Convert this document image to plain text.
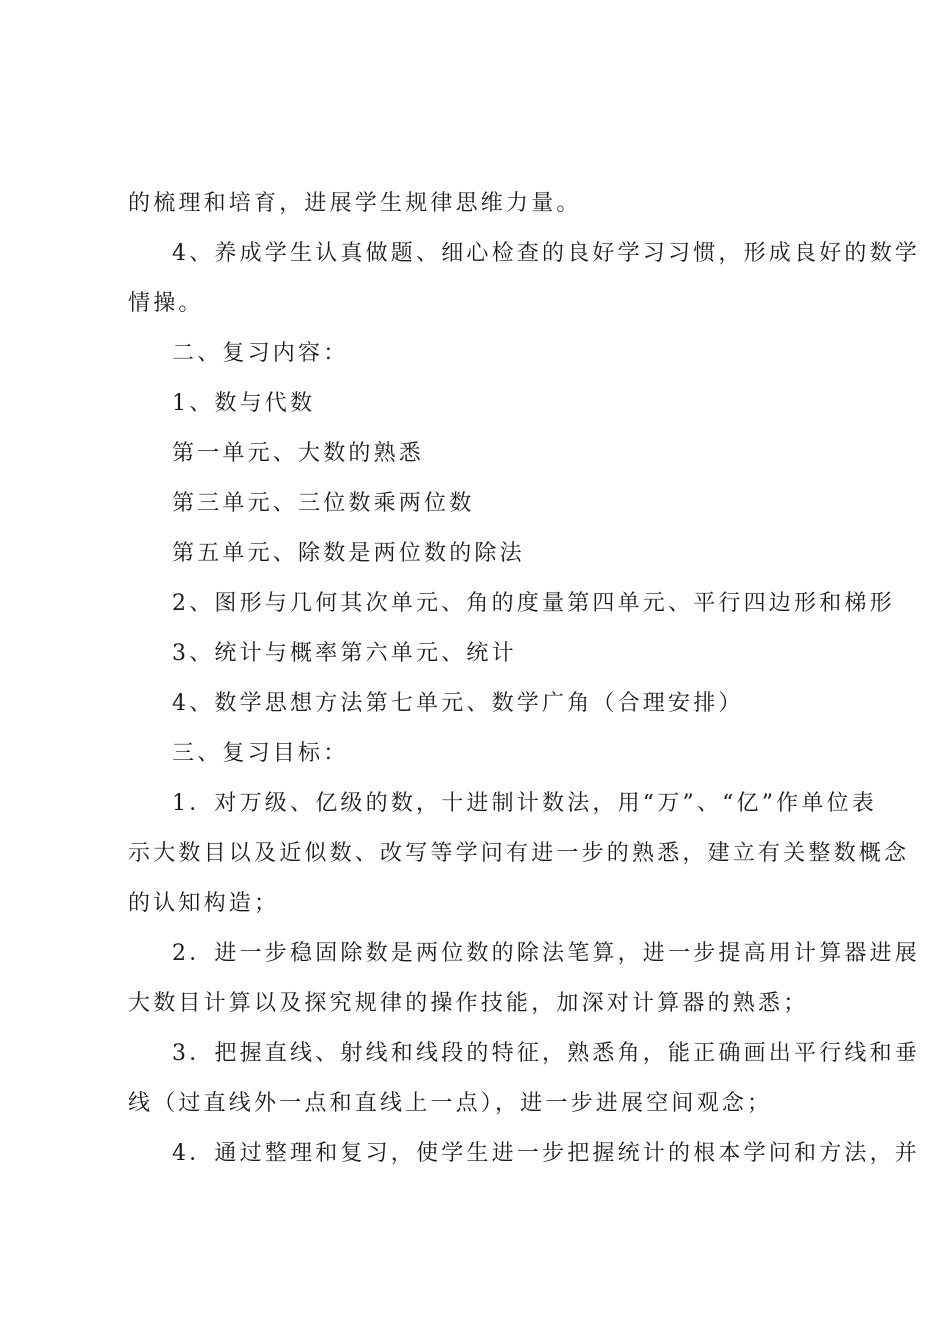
的梳理和培育，进展学生规律思维力量。
4、养成学生认真做题、细心检查的良好学习习惯，形成良好的数学
情操。
二、复习内容：
1、数与代数
第一单元、大数的熟悉
第三单元、三位数乘两位数
第五单元、除数是两位数的除法
2、图形与几何其次单元、角的度量第四单元、平行四边形和梯形
3、统计与概率第六单元、统计
4、数学思想方法第七单元、数学广角（合理安排）
三、复习目标：
1．对万级、亿级的数，十进制计数法，用“万”、“亿”作单位表
示大数目以及近似数、改写等学问有进一步的熟悉，建立有关整数概念
的认知构造；
2．进一步稳固除数是两位数的除法笔算，进一步提高用计算器进展
大数目计算以及探究规律的操作技能，加深对计算器的熟悉；
3．把握直线、射线和线段的特征，熟悉角，能正确画出平行线和垂
线（过直线外一点和直线上一点），进一步进展空间观念；
4．通过整理和复习，使学生进一步把握统计的根本学问和方法，并
